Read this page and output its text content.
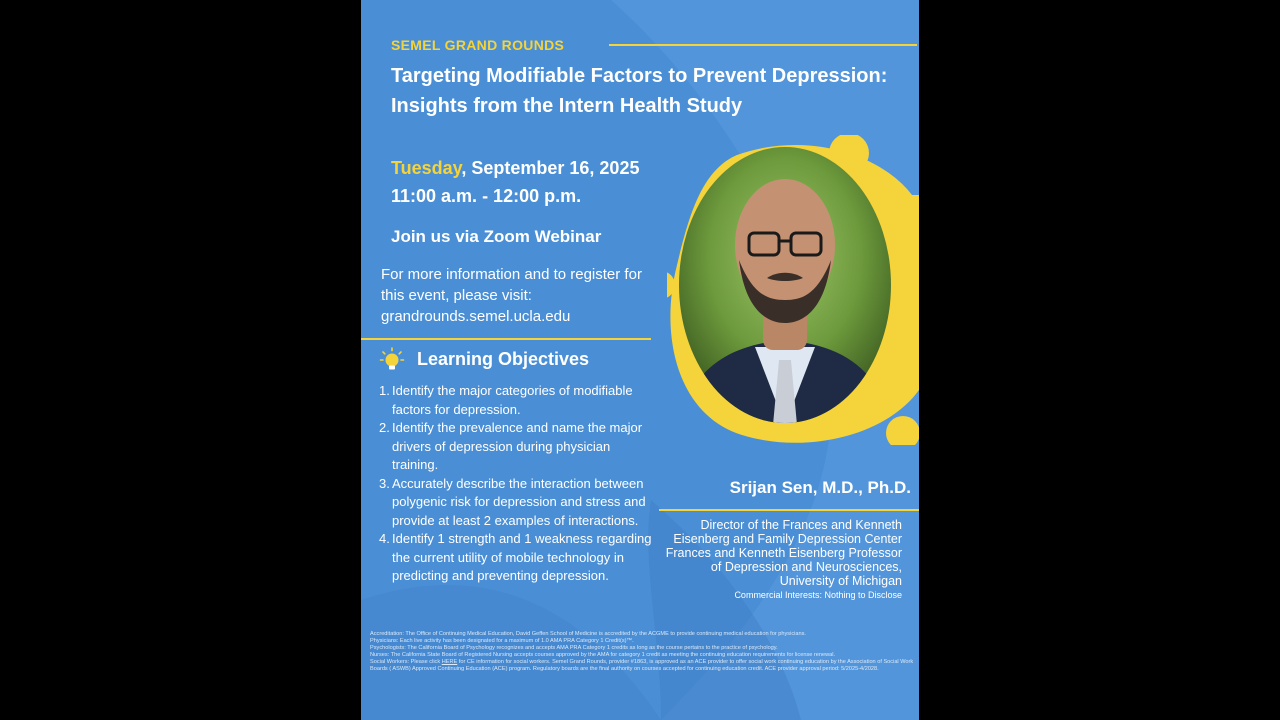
SEMEL GRAND ROUNDS
Targeting Modifiable Factors to Prevent Depression: Insights from the Intern Health Study
Tuesday, September 16, 2025
11:00 a.m. - 12:00 p.m.
Join us via Zoom Webinar
For more information and to register for this event, please visit:
grandrounds.semel.ucla.edu
Learning Objectives
1. Identify the major categories of modifiable factors for depression.
2. Identify the prevalence and name the major drivers of depression during physician training.
3. Accurately describe the interaction between polygenic risk for depression and stress and provide at least 2 examples of interactions.
4. Identify 1 strength and 1 weakness regarding the current utility of mobile technology in predicting and preventing depression.
Srijan Sen, M.D., Ph.D.
Director of the Frances and Kenneth
Eisenberg and Family Depression Center
Frances and Kenneth Eisenberg Professor
of Depression and Neurosciences,
University of Michigan
Commercial Interests: Nothing to Disclose

Accreditation: The Office of Continuing Medical Education, David Geffen School of Medicine is accredited by the ACGME to provide continuing medical education for physicians.

Physicians: Each live activity has been designated for a maximum of 1.0 AMA PRA Category 1 Credit(s)™.

Psychologists: The California Board of Psychology recognizes and accepts AMA PRA Category 1 credits as long as the course pertains to the practice of psychology.

Nurses: The California State Board of Registered Nursing accepts courses approved by the AMA for category 1 credit as meeting the continuing education requirements for license renewal.

Social Workers: Please click HERE for CE information for social workers. Semel Grand Rounds, provider #1863, is approved as an ACE provider to offer social work continuing education by the Association of Social Work Boards ( ASWB) Approved Continuing Education (ACE) program. Regulatory boards are the final authority on courses accepted for continuing education credit. ACE provider approval period: 5/2025-4/2028.
